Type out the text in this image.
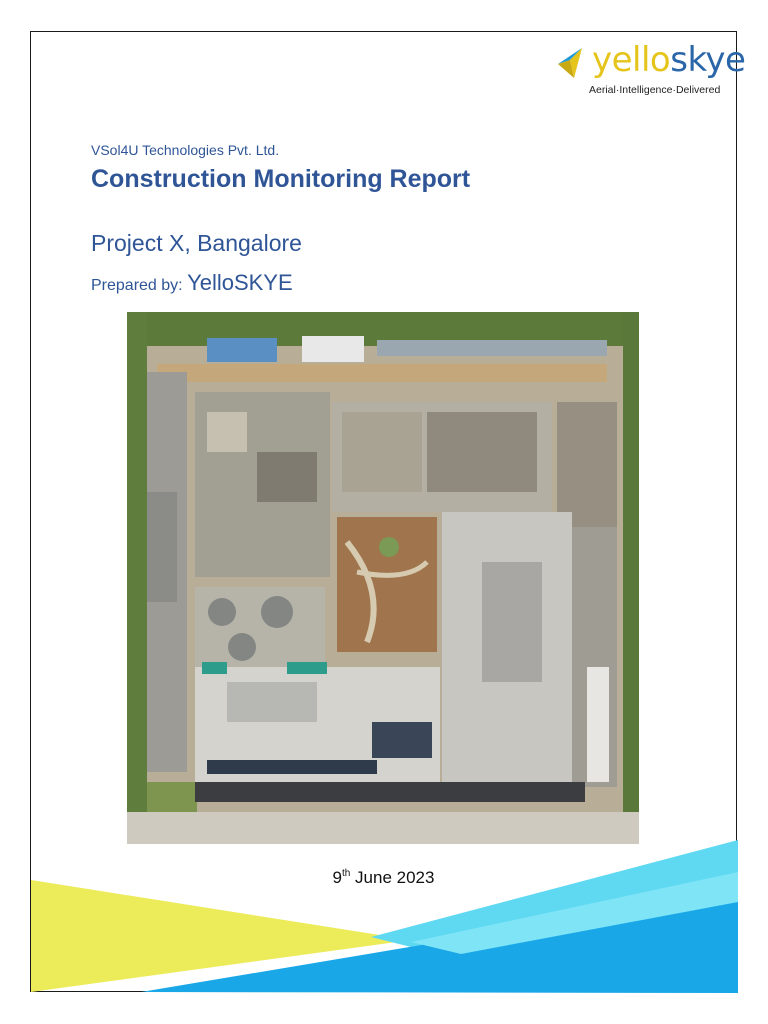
yelloskye
Aerial·Intelligence·Delivered
VSol4U Technologies Pvt. Ltd.
Construction Monitoring Report
Project X, Bangalore
Prepared by: YelloSKYE
9th June 2023
